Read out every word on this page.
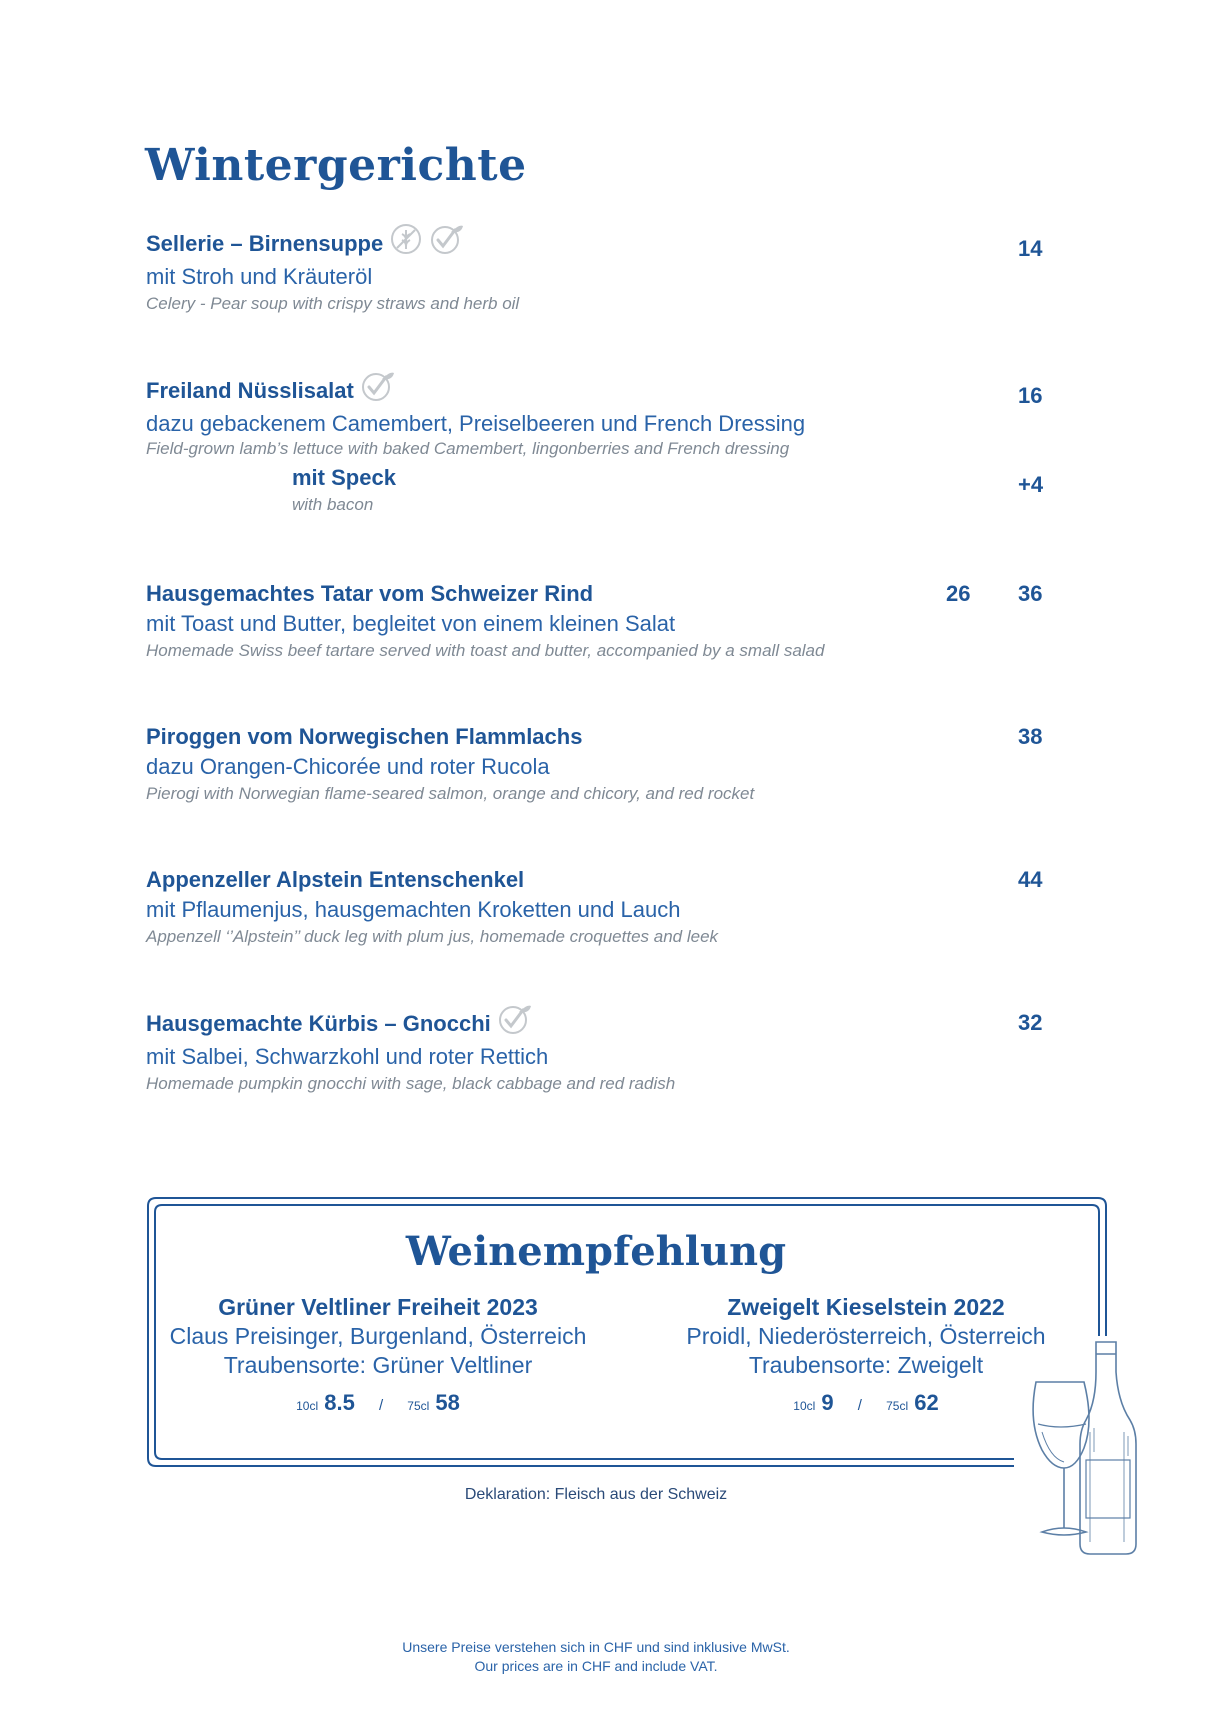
Wintergerichte
Sellerie – Birnensuppe
mit Stroh und Kräuteröl
Celery - Pear soup with crispy straws and herb oil
14
Freiland Nüsslisalat
dazu gebackenem Camembert, Preiselbeeren und French Dressing
Field-grown lamb’s lettuce with baked Camembert, lingonberries and French dressing
mit Speck
with bacon
16
+4
Hausgemachtes Tatar vom Schweizer Rind
mit Toast und Butter, begleitet von einem kleinen Salat
Homemade Swiss beef tartare served with toast and butter, accompanied by a small salad
26 36
Piroggen vom Norwegischen Flammlachs
dazu Orangen-Chicorée und roter Rucola
Pierogi with Norwegian flame-seared salmon, orange and chicory, and red rocket
38
Appenzeller Alpstein Entenschenkel
mit Pflaumenjus, hausgemachten Kroketten und Lauch
Appenzell ‘’Alpstein’’ duck leg with plum jus, homemade croquettes and leek
44
Hausgemachte Kürbis – Gnocchi
mit Salbei, Schwarzkohl und roter Rettich
Homemade pumpkin gnocchi with sage, black cabbage and red radish
32
Weinempfehlung
Grüner Veltliner Freiheit 2023
Claus Preisinger, Burgenland, Österreich
Traubensorte: Grüner Veltliner
10cl 8.5 / 75cl 58
Zweigelt Kieselstein 2022
Proidl, Niederösterreich, Österreich
Traubensorte: Zweigelt
10cl 9 / 75cl 62
Deklaration: Fleisch aus der Schweiz
Unsere Preise verstehen sich in CHF und sind inklusive MwSt.
Our prices are in CHF and include VAT.
